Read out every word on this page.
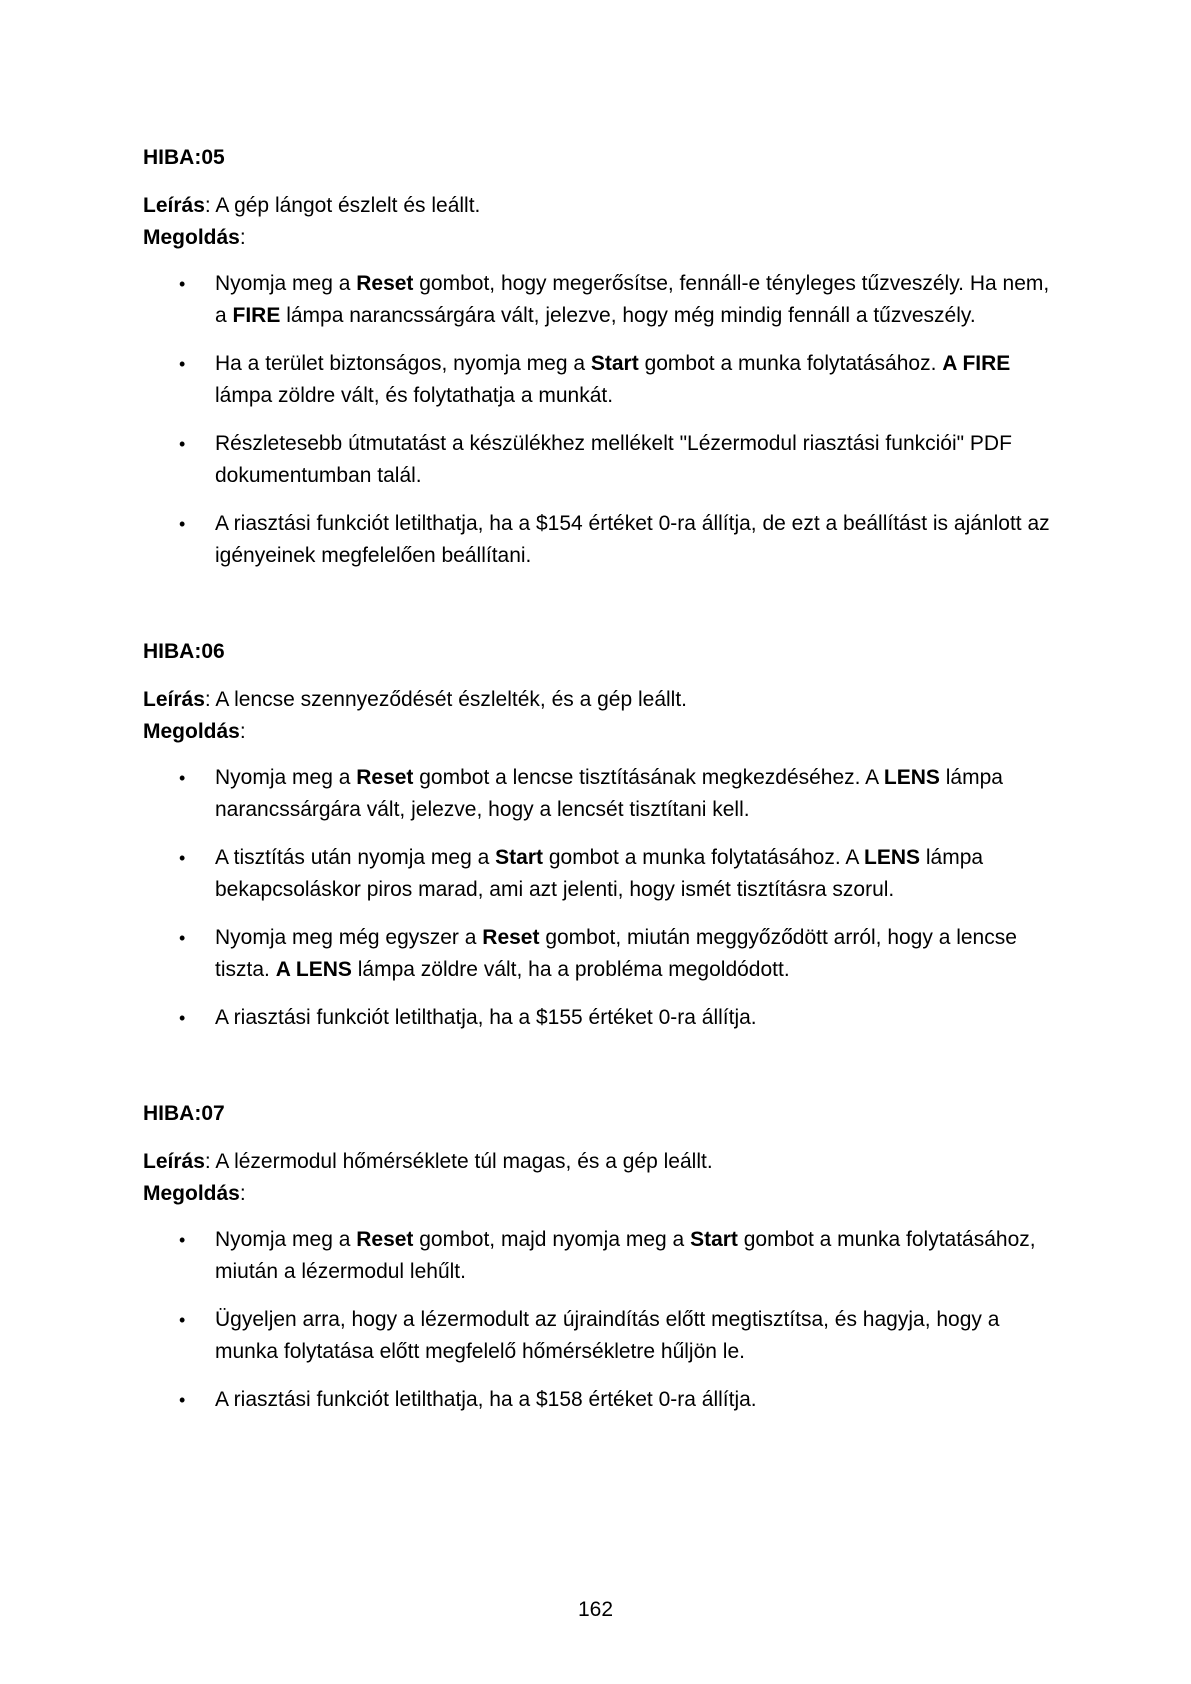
HIBA:05
Leírás: A gép lángot észlelt és leállt.
Megoldás:
• Nyomja meg a Reset gombot, hogy megerősítse, fennáll-e tényleges tűzveszély. Ha nem, a FIRE lámpa narancssárgára vált, jelezve, hogy még mindig fennáll a tűzveszély.
• Ha a terület biztonságos, nyomja meg a Start gombot a munka folytatásához. A FIRE lámpa zöldre vált, és folytathatja a munkát.
• Részletesebb útmutatást a készülékhez mellékelt "Lézermodul riasztási funkciói" PDF dokumentumban talál.
• A riasztási funkciót letilthatja, ha a $154 értéket 0-ra állítja, de ezt a beállítást is ajánlott az igényeinek megfelelően beállítani.
HIBA:06
Leírás: A lencse szennyeződését észlelték, és a gép leállt.
Megoldás:
• Nyomja meg a Reset gombot a lencse tisztításának megkezdéséhez. A LENS lámpa narancssárgára vált, jelezve, hogy a lencsét tisztítani kell.
• A tisztítás után nyomja meg a Start gombot a munka folytatásához. A LENS lámpa bekapcsoláskor piros marad, ami azt jelenti, hogy ismét tisztításra szorul.
• Nyomja meg még egyszer a Reset gombot, miután meggyőződött arról, hogy a lencse tiszta. A LENS lámpa zöldre vált, ha a probléma megoldódott.
• A riasztási funkciót letilthatja, ha a $155 értéket 0-ra állítja.
HIBA:07
Leírás: A lézermodul hőmérséklete túl magas, és a gép leállt.
Megoldás:
• Nyomja meg a Reset gombot, majd nyomja meg a Start gombot a munka folytatásához, miután a lézermodul lehűlt.
• Ügyeljen arra, hogy a lézermodult az újraindítás előtt megtisztítsa, és hagyja, hogy a munka folytatása előtt megfelelő hőmérsékletre hűljön le.
• A riasztási funkciót letilthatja, ha a $158 értéket 0-ra állítja.
162
